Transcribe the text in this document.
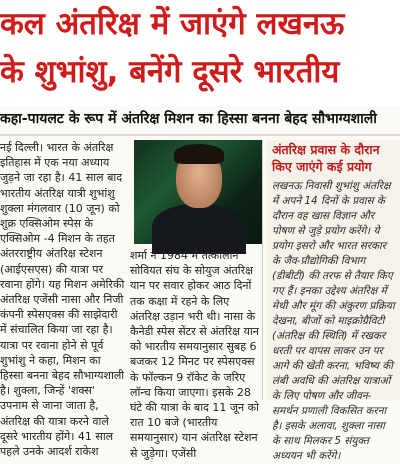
कल अंतरिक्ष में जाएंगे लखनऊ
के शुभांशु, बनेंगे दूसरे भारतीय
कहा-पायलट के रूप में अंतरिक्ष मिशन का हिस्सा बनना बेहद सौभाग्यशाली
नई दिल्ली। भारत के अंतरिक्ष इतिहास में एक नया अध्याय जुड़ने जा रहा है। 41 साल बाद भारतीय अंतरिक्ष यात्री शुभांशु शुक्ला मंगलवार (10 जून) को शुक्र एक्सिओम स्पेस के एक्सिओम -4 मिशन के तहत अंतरराष्ट्रीय अंतरिक्ष स्टेशन (आईएसएस) की यात्रा पर रवाना होंगे। यह मिशन अमेरिकी अंतरिक्ष एजेंसी नासा और निजी कंपनी स्पेसएक्स की साझेदारी में संचालित किया जा रहा है। यात्रा पर रवाना होने से पूर्व शुभांशु ने कहा, मिशन का हिस्सा बनना बेहद सौभाग्यशाली है। शुक्ला, जिन्हें 'शक्स' उपनाम से जाना जाता है, अंतरिक्ष की यात्रा करने वाले दूसरे भारतीय होंगे। 41 साल पहले उनके आदर्श राकेश
शर्मा ने 1984 में तत्कालीन सोवियत संघ के सोयुज अंतरिक्ष यान पर सवार होकर आठ दिनों तक कक्षा में रहने के लिए अंतरिक्ष उड़ान भरी थी। नासा के कैनेडी स्पेस सेंटर से अंतरिक्ष यान को भारतीय समयानुसार सुबह 6 बजकर 12 मिनट पर स्पेसएक्स के फॉल्कन 9 रॉकेट के जरिए लॉन्च किया जाएगा। इसके 28 घंटे की यात्रा के बाद 11 जून को रात 10 बजे (भारतीय समयानुसार) यान अंतरिक्ष स्टेशन से जुड़ेगा। एजेंसी
अंतरिक्ष प्रवास के दौरान किए जाएंगे कई प्रयोग
लखनऊ निवासी शुभांशु अंतरिक्ष में अपने 14 दिनों के प्रवास के दौरान वह खास विज्ञान और पोषण से जुड़े प्रयोग करेंगे। ये प्रयोग इसरो और भारत सरकार के जैव-प्रौद्योगिकी विभाग (डीबीटी) की तरफ से तैयार किए गए हैं। इनका उद्देश्य अंतरिक्ष में मेथी और मूंग की अंकुरण प्रक्रिया देखना, बीजों को माइक्रोग्रैविटी (अंतरिक्ष की स्थिति) में रखकर धरती पर वापस लाकर उन पर आगे की खेती करना, भविष्य की लंबी अवधि की अंतरिक्ष यात्राओं के लिए पोषण और जीवन-समर्थन प्रणाली विकसित करना है। इसके अलावा, शुक्ला नासा के साथ मिलकर 5 संयुक्त अध्ययन भी करेंगे।
